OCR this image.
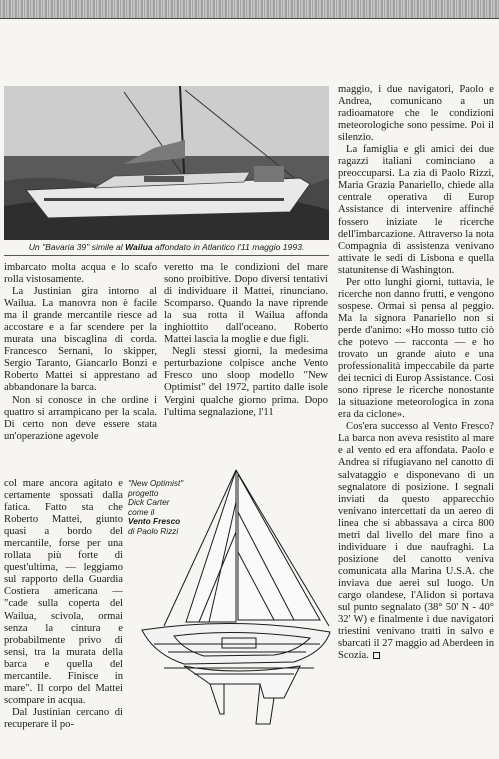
Un "Bavaria 39" simile al Wailua affondato in Atlantico l'11 maggio 1993.

imbarcato molta acqua e lo scafo rolla vistosamente.

La Justinian gira intorno al Wailua. La manovra non è facile ma il grande mercantile riesce ad accostare e a far scendere per la murata una biscaglina di corda. Francesco Sernani, lo skipper, Sergio Taranto, Giancarlo Bonzi e Roberto Mattei si apprestano ad abbandonare la barca.

Non si conosce in che ordine i quattro si arrampicano per la scala. Di certo non deve essere stata un'operazione agevole

col mare ancora agitato e certamente spossati dalla fatica. Fatto sta che Roberto Mattei, giunto quasi a bordo del mercantile, forse per una rollata più forte di quest'ultima, — leggiamo sul rapporto della Guardia Costiera americana — "cade sulla coperta del Wailua, scivola, ormai senza la cintura e probabilmente privo di sensi, tra la murata della barca e quella del mercantile. Finisce in mare". Il corpo del Mattei scompare in acqua.

Dal Justinian cercano di recuperare il po-

veretto ma le condizioni del mare sono proibitive. Dopo diversi tentativi di individuare il Mattei, rinunciano. Scomparso. Quando la nave riprende la sua rotta il Wailua affonda inghiottito dall'oceano. Roberto Mattei lascia la moglie e due figli.

Negli stessi giorni, la medesima perturbazione colpisce anche Vento Fresco uno sloop modello "New Optimist" del 1972, partito dalle isole Vergini qualche giorno prima. Dopo l'ultima segnalazione, l'11

maggio, i due navigatori, Paolo e Andrea, comunicano a un radioamatore che le condizioni meteorologiche sono pessime. Poi il silenzio.

La famiglia e gli amici dei due ragazzi italiani cominciano a preoccuparsi. La zia di Paolo Rizzi, Maria Grazia Panariello, chiede alla centrale operativa di Europ Assistance di intervenire affinché fossero iniziate le ricerche dell'imbarcazione. Attraverso la nota Compagnia di assistenza venivano attivate le sedi di Lisbona e quella statunitense di Washington.

Per otto lunghi giorni, tuttavia, le ricerche non danno frutti, e vengono sospese. Ormai si pensa al peggio. Ma la signora Panariello non si perde d'animo: «Ho mosso tutto ciò che potevo — racconta — e ho trovato un grande aiuto e una professionalità impeccabile da parte dei tecnici di Europ Assistance. Così sono riprese le ricerche nonostante la situazione meteorologica in zona era da ciclone».

Cos'era successo al Vento Fresco? La barca non aveva resistito al mare e al vento ed era affondata. Paolo e Andrea si rifugiavano nel canotto di salvataggio e disponevano di un segnalatore di posizione. I segnali inviati da questo apparecchio venivano intercettati da un aereo di linea che si abbassava a circa 800 metri dal livello del mare fino a individuare i due naufraghi. La posizione del canotto veniva comunicata alla Marina U.S.A. che inviava due aerei sul luogo. Un cargo olandese, l'Alidon si portava sul punto segnalato (38° 50' N - 40° 32' W) e finalmente i due navigatori triestini venivano tratti in salvo e sbarcati il 27 maggio ad Aberdeen in Scozia.

"New Optimist"
progetto
Dick Carter
come il
Vento Fresco
di Paolo Rizzi
